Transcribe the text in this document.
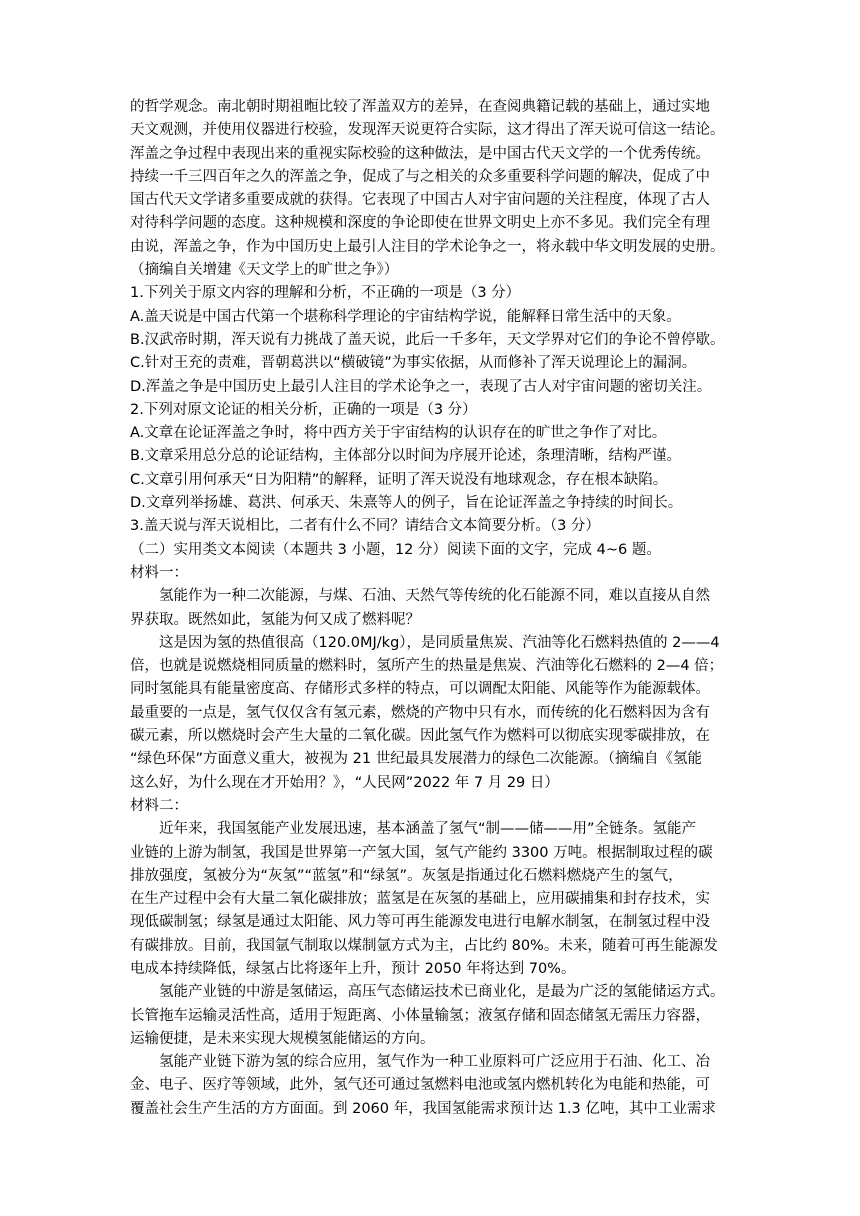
的哲学观念。南北朝时期祖暅比较了浑盖双方的差异，在查阅典籍记载的基础上，通过实地
天文观测，并使用仪器进行校验，发现浑天说更符合实际，这才得出了浑天说可信这一结论。
浑盖之争过程中表现出来的重视实际校验的这种做法，是中国古代天文学的一个优秀传统。
持续一千三四百年之久的浑盖之争，促成了与之相关的众多重要科学问题的解决，促成了中
国古代天文学诸多重要成就的获得。它表现了中国古人对宇宙问题的关注程度，体现了古人
对待科学问题的态度。这种规模和深度的争论即使在世界文明史上亦不多见。我们完全有理
由说，浑盖之争，作为中国历史上最引人注目的学术论争之一，将永载中华文明发展的史册。
（摘编自关增建《天文学上的旷世之争》）
1.下列关于原文内容的理解和分析，不正确的一项是（3 分）
A.盖天说是中国古代第一个堪称科学理论的宇宙结构学说，能解释日常生活中的天象。
B.汉武帝时期，浑天说有力挑战了盖天说，此后一千多年，天文学界对它们的争论不曾停歇。
C.针对王充的责难，晋朝葛洪以“横破镜”为事实依据，从而修补了浑天说理论上的漏洞。
D.浑盖之争是中国历史上最引人注目的学术论争之一，表现了古人对宇宙问题的密切关注。
2.下列对原文论证的相关分析，正确的一项是（3 分）
A.文章在论证浑盖之争时，将中西方关于宇宙结构的认识存在的旷世之争作了对比。
B.文章采用总分总的论证结构，主体部分以时间为序展开论述，条理清晰，结构严谨。
C.文章引用何承天“日为阳精”的解释，证明了浑天说没有地球观念，存在根本缺陷。
D.文章列举扬雄、葛洪、何承天、朱熹等人的例子，旨在论证浑盖之争持续的时间长。
3.盖天说与浑天说相比，二者有什么不同？请结合文本简要分析。（3 分）
（二）实用类文本阅读（本题共 3 小题，12 分）阅读下面的文字，完成 4~6 题。
材料一：
氢能作为一种二次能源，与煤、石油、天然气等传统的化石能源不同，难以直接从自然
界获取。既然如此，氢能为何又成了燃料呢？
这是因为氢的热值很高（120.0MJ/kg），是同质量焦炭、汽油等化石燃料热值的 2——4
倍，也就是说燃烧相同质量的燃料时，氢所产生的热量是焦炭、汽油等化石燃料的 2—4 倍；
同时氢能具有能量密度高、存储形式多样的特点，可以调配太阳能、风能等作为能源载体。
最重要的一点是，氢气仅仅含有氢元素，燃烧的产物中只有水，而传统的化石燃料因为含有
碳元素，所以燃烧时会产生大量的二氧化碳。因此氢气作为燃料可以彻底实现零碳排放，在
“绿色环保”方面意义重大，被视为 21 世纪最具发展潜力的绿色二次能源。（摘编自《氢能
这么好，为什么现在才开始用？》，“人民网”2022 年 7 月 29 日）
材料二：
近年来，我国氢能产业发展迅速，基本涵盖了氢气“制——储——用”全链条。氢能产
业链的上游为制氢，我国是世界第一产氢大国，氢气产能约 3300 万吨。根据制取过程的碳
排放强度，氢被分为“灰氢”“蓝氢”和“绿氢”。灰氢是指通过化石燃料燃烧产生的氢气，
在生产过程中会有大量二氧化碳排放；蓝氢是在灰氢的基础上，应用碳捕集和封存技术，实
现低碳制氢；绿氢是通过太阳能、风力等可再生能源发电进行电解水制氢，在制氢过程中没
有碳排放。目前，我国氩气制取以煤制氩方式为主，占比约 80%。未来，随着可再生能源发
电成本持续降低，绿氢占比将逐年上升，预计 2050 年将达到 70%。
氢能产业链的中游是氢储运，高压气态储运技术已商业化，是最为广泛的氢能储运方式。
长管拖车运输灵活性高，适用于短距离、小体量输氢；液氢存储和固态储氢无需压力容器，
运输便捷，是未来实现大规模氢能储运的方向。
氢能产业链下游为氢的综合应用，氢气作为一种工业原料可广泛应用于石油、化工、冶
金、电子、医疗等领域，此外，氢气还可通过氢燃料电池或氢内燃机转化为电能和热能，可
覆盖社会生产生活的方方面面。到 2060 年，我国氢能需求预计达 1.3 亿吨，其中工业需求
